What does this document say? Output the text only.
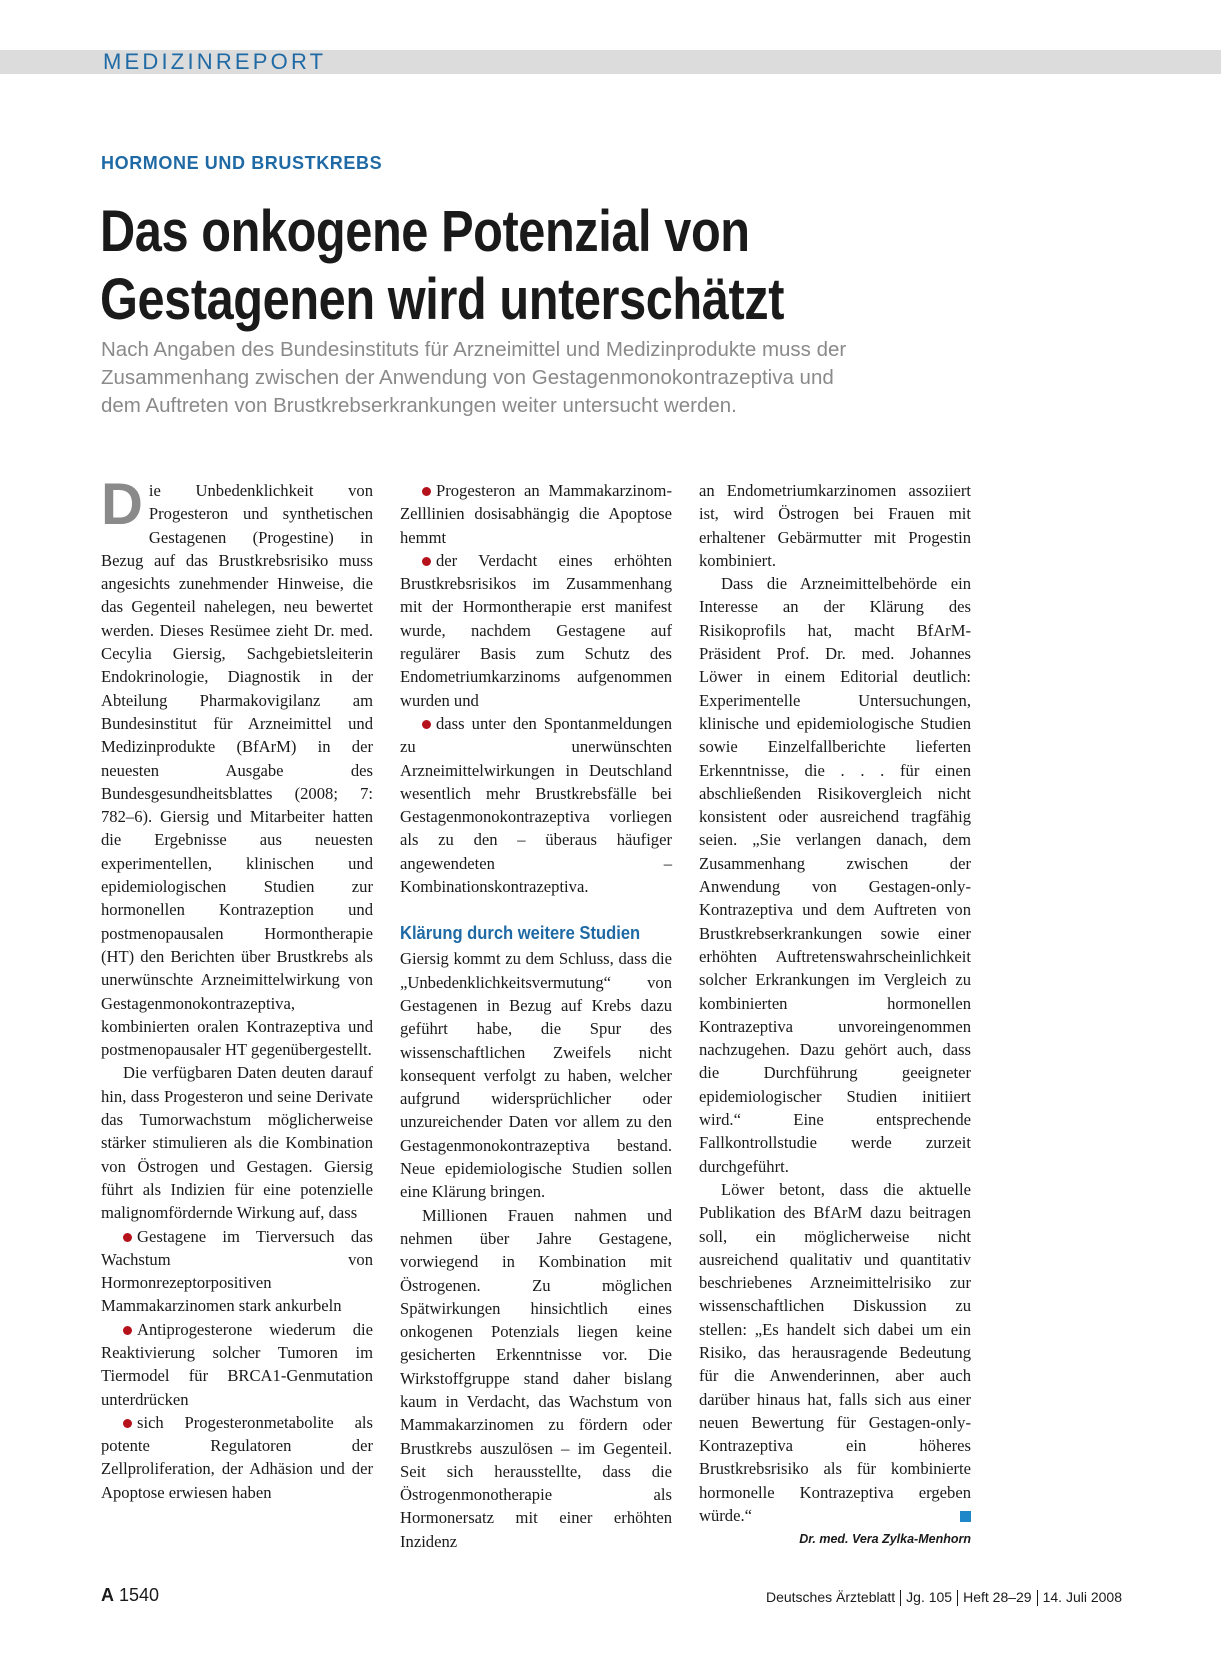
MEDIZINREPORT
HORMONE UND BRUSTKREBS
Das onkogene Potenzial von
Gestagenen wird unterschätzt
Nach Angaben des Bundesinstituts für Arzneimittel und Medizinprodukte muss der
Zusammenhang zwischen der Anwendung von Gestagenmonokontrazeptiva und
dem Auftreten von Brustkrebserkrankungen weiter untersucht werden.

Die Unbedenklichkeit von Progesteron und synthetischen Gestagenen (Progestine) in Bezug auf das Brustkrebsrisiko muss angesichts zunehmender Hinweise, die das Gegenteil nahelegen, neu bewertet werden. Dieses Resümee zieht Dr. med. Cecylia Giersig, Sachgebietsleiterin Endokrinologie, Diagnostik in der Abteilung Pharmakovigilanz am Bundesinstitut für Arzneimittel und Medizinprodukte (BfArM) in der neuesten Ausgabe des Bundesgesundheitsblattes (2008; 7: 782–6). Giersig und Mitarbeiter hatten die Ergebnisse aus neuesten experimentellen, klinischen und epidemiologischen Studien zur hormonellen Kontrazeption und postmenopausalen Hormontherapie (HT) den Berichten über Brustkrebs als unerwünschte Arzneimittelwirkung von Gestagenmonokontrazeptiva, kombinierten oralen Kontrazeptiva und postmenopausaler HT gegenübergestellt.

Die verfügbaren Daten deuten darauf hin, dass Progesteron und seine Derivate das Tumorwachstum möglicherweise stärker stimulieren als die Kombination von Östrogen und Gestagen. Giersig führt als Indizien für eine potenzielle malignomfördernde Wirkung auf, dass

Gestagene im Tierversuch das Wachstum von Hormonrezeptorpositiven Mammakarzinomen stark ankurbeln

Antiprogesterone wiederum die Reaktivierung solcher Tumoren im Tiermodel für BRCA1-Genmutation unterdrücken

sich Progesteronmetabolite als potente Regulatoren der Zellproliferation, der Adhäsion und der Apoptose erwiesen haben

Progesteron an Mammakarzinom-Zelllinien dosisabhängig die Apoptose hemmt

der Verdacht eines erhöhten Brustkrebsrisikos im Zusammenhang mit der Hormontherapie erst manifest wurde, nachdem Gestagene auf regulärer Basis zum Schutz des Endometriumkarzinoms aufgenommen wurden und

dass unter den Spontanmeldungen zu unerwünschten Arzneimittelwirkungen in Deutschland wesentlich mehr Brustkrebsfälle bei Gestagenmonokontrazeptiva vorliegen als zu den – überaus häufiger angewendeten – Kombinationskontrazeptiva.

Klärung durch weitere Studien

Giersig kommt zu dem Schluss, dass die „Unbedenklichkeitsvermutung“ von Gestagenen in Bezug auf Krebs dazu geführt habe, die Spur des wissenschaftlichen Zweifels nicht konsequent verfolgt zu haben, welcher aufgrund widersprüchlicher oder unzureichender Daten vor allem zu den Gestagenmonokontrazeptiva bestand. Neue epidemiologische Studien sollen eine Klärung bringen.

Millionen Frauen nahmen und nehmen über Jahre Gestagene, vorwiegend in Kombination mit Östrogenen. Zu möglichen Spätwirkungen hinsichtlich eines onkogenen Potenzials liegen keine gesicherten Erkenntnisse vor. Die Wirkstoffgruppe stand daher bislang kaum in Verdacht, das Wachstum von Mammakarzinomen zu fördern oder Brustkrebs auszulösen – im Gegenteil. Seit sich herausstellte, dass die Östrogenmonotherapie als Hormonersatz mit einer erhöhten Inzidenz

an Endometriumkarzinomen assoziiert ist, wird Östrogen bei Frauen mit erhaltener Gebärmutter mit Progestin kombiniert.

Dass die Arzneimittelbehörde ein Interesse an der Klärung des Risikoprofils hat, macht BfArM-Präsident Prof. Dr. med. Johannes Löwer in einem Editorial deutlich: Experimentelle Untersuchungen, klinische und epidemiologische Studien sowie Einzelfallberichte lieferten Erkenntnisse, die . . . für einen abschließenden Risikovergleich nicht konsistent oder ausreichend tragfähig seien. „Sie verlangen danach, dem Zusammenhang zwischen der Anwendung von Gestagen-only-Kontrazeptiva und dem Auftreten von Brustkrebserkrankungen sowie einer erhöhten Auftretenswahrscheinlichkeit solcher Erkrankungen im Vergleich zu kombinierten hormonellen Kontrazeptiva unvoreingenommen nachzugehen. Dazu gehört auch, dass die Durchführung geeigneter epidemiologischer Studien initiiert wird.“ Eine entsprechende Fallkontrollstudie werde zurzeit durchgeführt.

Löwer betont, dass die aktuelle Publikation des BfArM dazu beitragen soll, ein möglicherweise nicht ausreichend qualitativ und quantitativ beschriebenes Arzneimittelrisiko zur wissenschaftlichen Diskussion zu stellen: „Es handelt sich dabei um ein Risiko, das herausragende Bedeutung für die Anwenderinnen, aber auch darüber hinaus hat, falls sich aus einer neuen Bewertung für Gestagen-only-Kontrazeptiva ein höheres Brustkrebsrisiko als für kombinierte hormonelle Kontrazeptiva ergeben würde.“

Dr. med. Vera Zylka-Menhorn

A 1540	Deutsches Ärzteblatt Jg. 105 Heft 28–29 14. Juli 2008
